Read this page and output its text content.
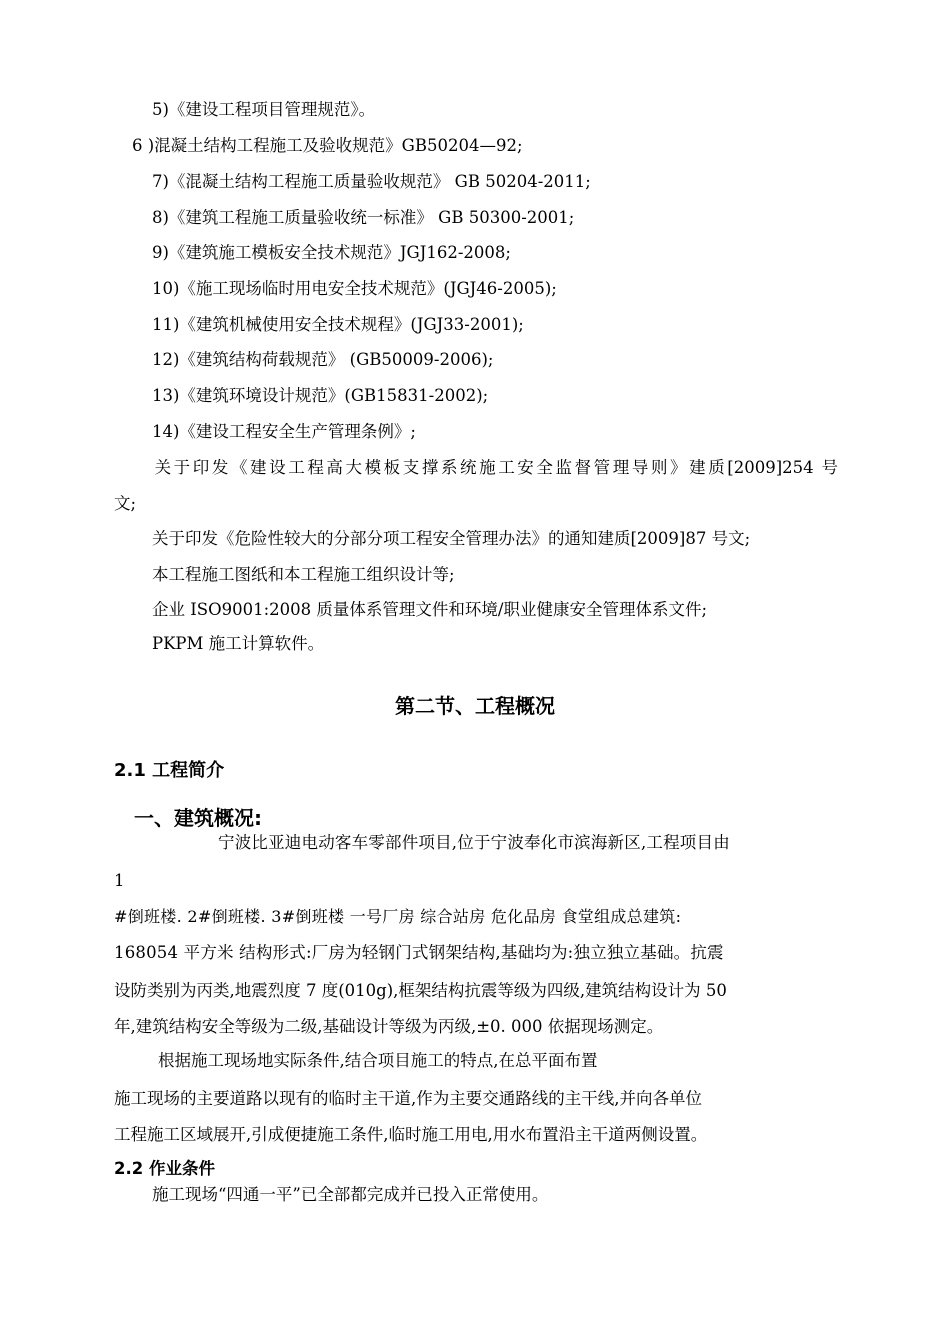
5)《建设工程项目管理规范》。
6 )混凝土结构工程施工及验收规范》GB50204—92;
7)《混凝土结构工程施工质量验收规范》 GB 50204-2011;
8)《建筑工程施工质量验收统一标准》 GB 50300-2001;
9)《建筑施工模板安全技术规范》JGJ162-2008;
10)《施工现场临时用电安全技术规范》(JGJ46-2005);
11)《建筑机械使用安全技术规程》(JGJ33-2001);
12)《建筑结构荷载规范》 (GB50009-2006);
13)《建筑环境设计规范》(GB15831-2002);
14)《建设工程安全生产管理条例》;
关于印发《建设工程高大模板支撑系统施工安全监督管理导则》建质[2009]254 号
文;
关于印发《危险性较大的分部分项工程安全管理办法》的通知建质[2009]87 号文;
本工程施工图纸和本工程施工组织设计等;
企业 ISO9001:2008 质量体系管理文件和环境/职业健康安全管理体系文件;
PKPM 施工计算软件。
第二节、工程概况
2.1 工程简介
一、建筑概况:
宁波比亚迪电动客车零部件项目,位于宁波奉化市滨海新区,工程项目由
1
#倒班楼. 2#倒班楼. 3#倒班楼 一号厂房 综合站房 危化品房 食堂组成总建筑:
168054 平方米 结构形式:厂房为轻钢门式钢架结构,基础均为:独立独立基础。抗震
设防类别为丙类,地震烈度 7 度(010g),框架结构抗震等级为四级,建筑结构设计为 50
年,建筑结构安全等级为二级,基础设计等级为丙级,±0. 000 依据现场测定。
根据施工现场地实际条件,结合项目施工的特点,在总平面布置
施工现场的主要道路以现有的临时主干道,作为主要交通路线的主干线,并向各单位
工程施工区域展开,引成便捷施工条件,临时施工用电,用水布置沿主干道两侧设置。
2.2 作业条件
施工现场“四通一平”已全部都完成并已投入正常使用。
